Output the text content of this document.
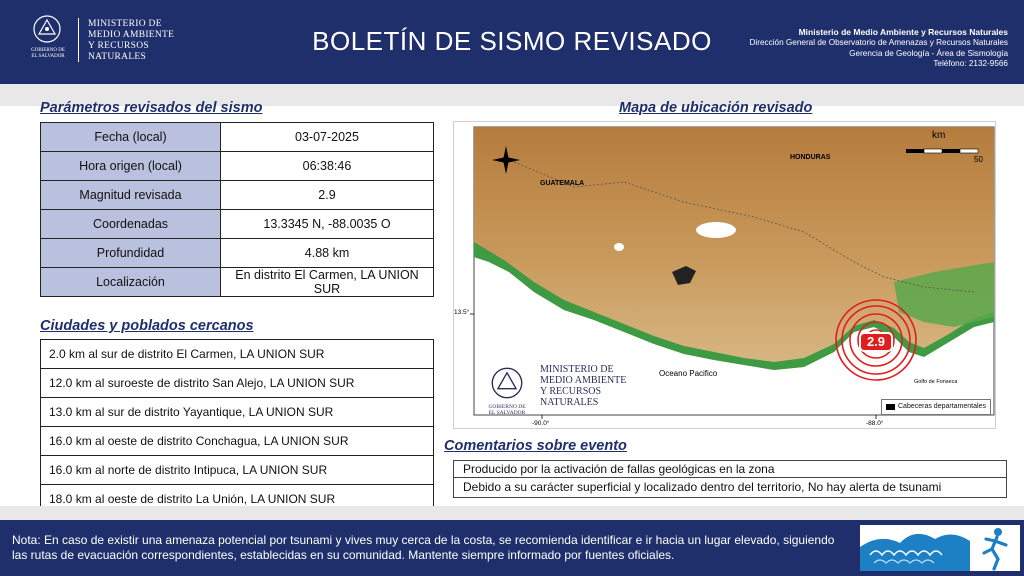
GOBIERNO DE
EL SALVADOR
MINISTERIO DE
MEDIO AMBIENTE
Y RECURSOS
NATURALES
BOLETÍN DE SISMO REVISADO	Ministerio de Medio Ambiente y Recursos Naturales
Dirección General de Observatorio de Amenazas y Recursos Naturales
Gerencia de Geología - Área de Sismología
Teléfono: 2132-9566
Parámetros revisados del sismo
Fecha (local)	03-07-2025
Hora origen (local)	06:38:46
Magnitud revisada	2.9
Coordenadas	13.3345 N, -88.0035 O
Profundidad	4.88 km
Localización	En distrito El Carmen, LA UNION SUR
Ciudades y poblados cercanos
2.0 km al sur de distrito El Carmen, LA UNION SUR
12.0 km al suroeste de distrito San Alejo, LA UNION SUR
13.0 km al sur de distrito Yayantique, LA UNION SUR
16.0 km al oeste de distrito Conchagua, LA UNION SUR
16.0 km al norte de distrito Intipuca, LA UNION SUR
18.0 km al oeste de distrito La Unión, LA UNION SUR
Mapa de ubicación revisado
km
50
HONDURAS
GUATEMALA
Oceano Pacifico
Golfo de Fonseca
13.5°
-90.0°	-88.0°
2.9
Cabeceras departamentales
MINISTERIO DE
MEDIO AMBIENTE
Y RECURSOS
NATURALES
GOBIERNO DE
EL SALVADOR
Comentarios sobre evento
Producido por la activación de fallas geológicas en la zona
Debido a su carácter superficial y localizado dentro del territorio, No hay alerta de tsunami
Nota: En caso de existir una amenaza potencial por tsunami y vives muy cerca de la costa, se recomienda identificar e ir hacia un lugar elevado, siguiendo las rutas de evacuación correspondientes, establecidas en su comunidad. Mantente siempre informado por fuentes oficiales.
